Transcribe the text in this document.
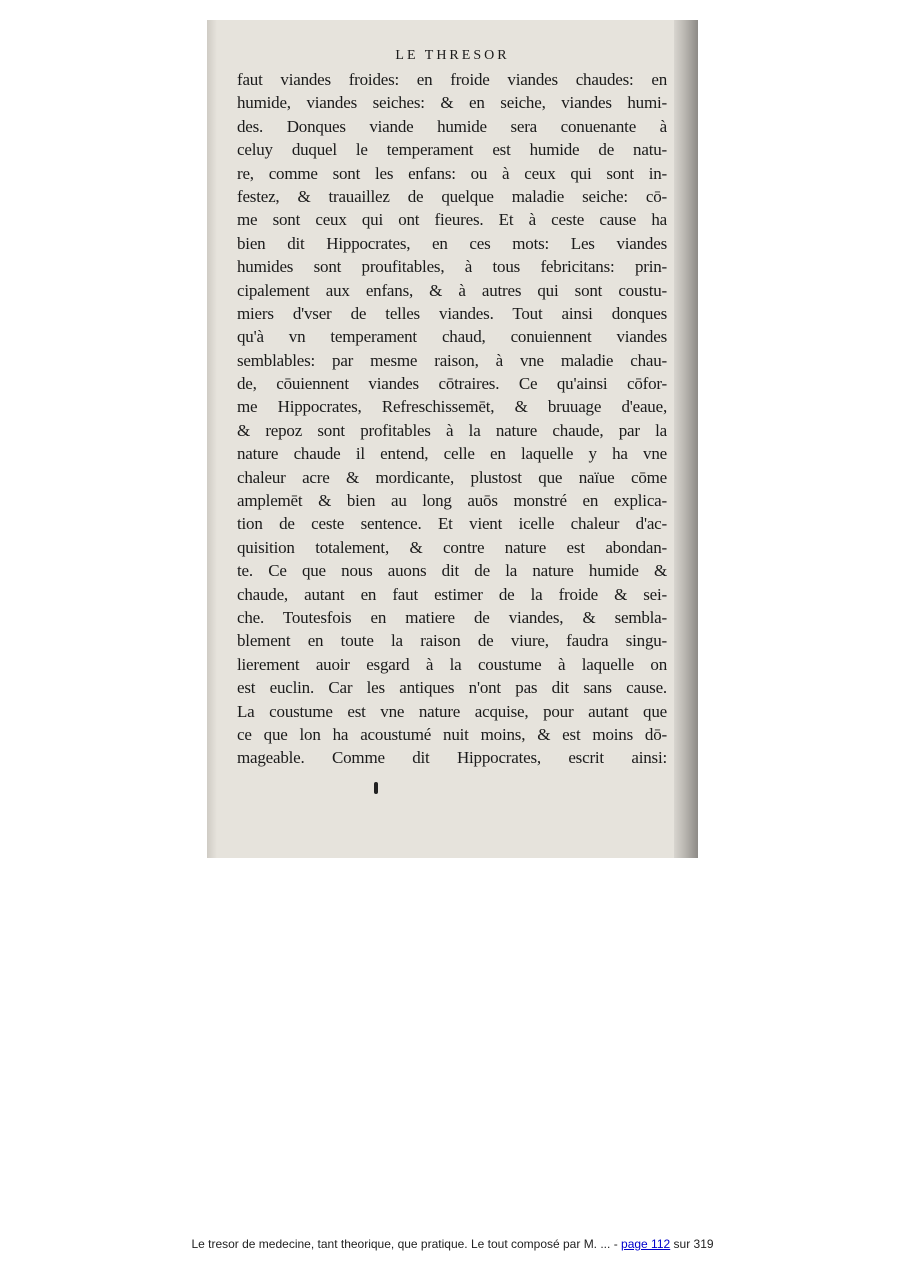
LE THRESOR
faut viandes froides: en froide viandes chaudes: en
humide, viandes seiches: & en seiche, viandes humi-
des. Donques viande humide sera conuenante à
celuy duquel le temperament est humide de natu-
re, comme sont les enfans: ou à ceux qui sont in-
festez, & trauaillez de quelque maladie seiche: cō-
me sont ceux qui ont fieures. Et à ceste cause ha
bien dit Hippocrates, en ces mots: Les viandes
humides sont proufitables, à tous febricitans: prin-
cipalement aux enfans, & à autres qui sont coustu-
miers d'vser de telles viandes. Tout ainsi donques
qu'à vn temperament chaud, conuiennent viandes
semblables: par mesme raison, à vne maladie chau-
de, cōuiennent viandes cōtraires. Ce qu'ainsi cōfor-
me Hippocrates, Refreschissemēt, & bruuage d'eaue,
& repoz sont profitables à la nature chaude, par la
nature chaude il entend, celle en laquelle y ha vne
chaleur acre & mordicante, plustost que naïue cōme
amplemēt & bien au long auōs monstré en explica-
tion de ceste sentence. Et vient icelle chaleur d'ac-
quisition totalement, & contre nature est abondan-
te. Ce que nous auons dit de la nature humide &
chaude, autant en faut estimer de la froide & sei-
che. Toutesfois en matiere de viandes, & sembla-
blement en toute la raison de viure, faudra singu-
lierement auoir esgard à la coustume à laquelle on
est euclin. Car les antiques n'ont pas dit sans cause.
La coustume est vne nature acquise, pour autant que
ce que lon ha acoustumé nuit moins, & est moins dō-
mageable. Comme dit Hippocrates, escrit ainsi:
Le tresor de medecine, tant theorique, que pratique. Le tout composé par M. ... - page 112 sur 319
